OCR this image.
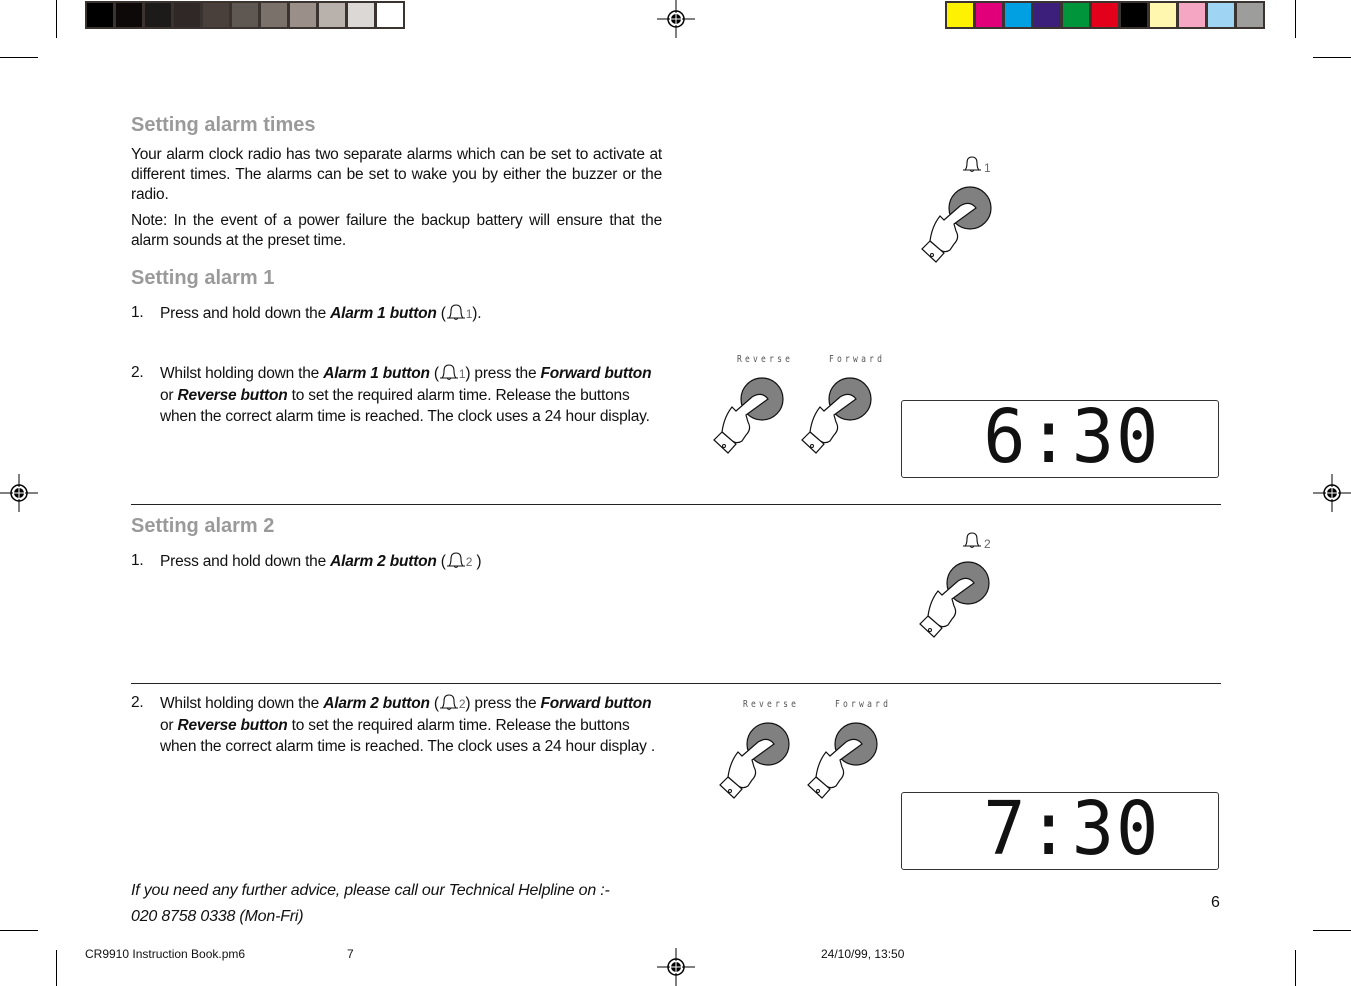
Setting alarm times
Your alarm clock radio has two separate alarms which can be set to activate at different times. The alarms can be set to wake you by either the buzzer or the radio.
Note: In the event of a power failure the backup battery will ensure that the alarm sounds at the preset time.
Setting alarm 1
1. Press and hold down the Alarm 1 button ( 1).
2. Whilst holding down the Alarm 1 button ( 1) press the Forward button or Reverse button to set the required alarm time. Release the buttons when the correct alarm time is reached. The clock uses a 24 hour display.
1
Reverse	Forward
6:30
Setting alarm 2
1. Press and hold down the Alarm 2 button ( 2 )
2
2. Whilst holding down the Alarm 2 button ( 2) press the Forward button or Reverse button to set the required alarm time. Release the buttons when the correct alarm time is reached. The clock uses a 24 hour display .
Reverse	Forward
7:30
If you need any further advice, please call our Technical Helpline on :-
020 8758 0338 (Mon-Fri)
6
CR9910 Instruction Book.pm6	7	24/10/99, 13:50
